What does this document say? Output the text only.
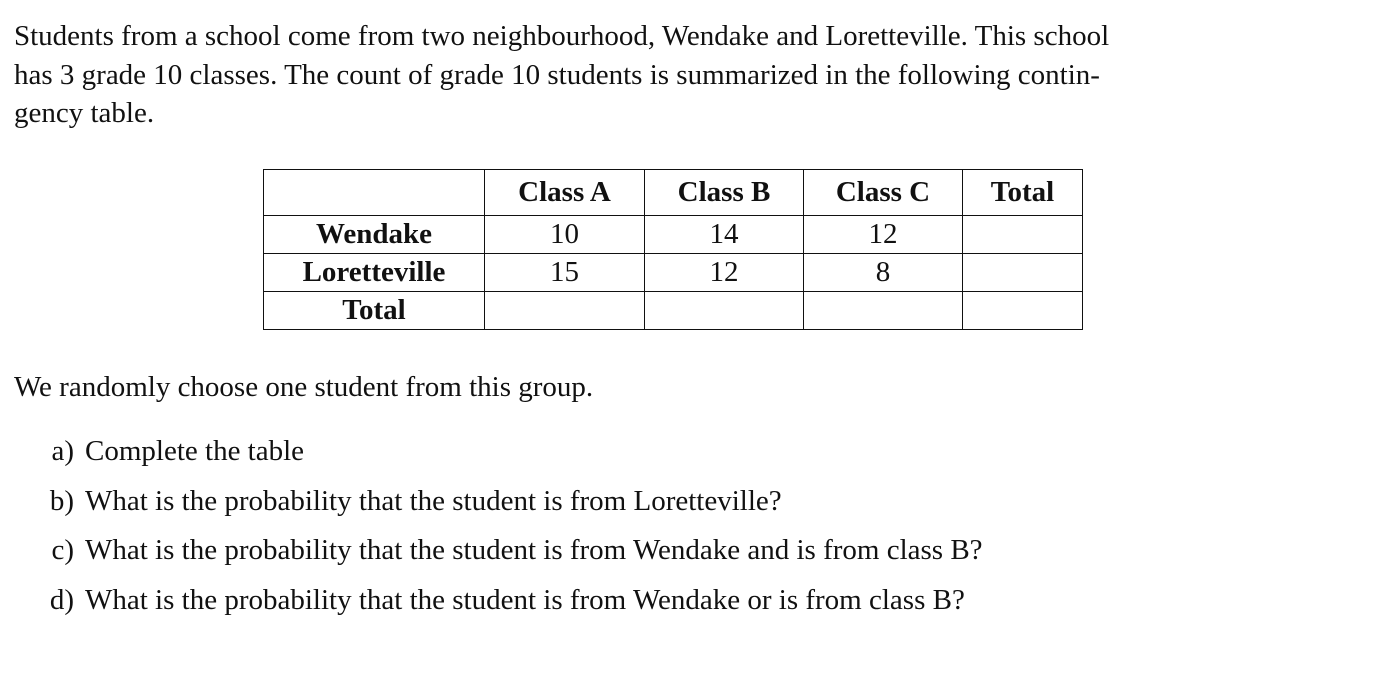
Students from a school come from two neighbourhood, Wendake and Loretteville. This school
has 3 grade 10 classes. The count of grade 10 students is summarized in the following contin-
gency table.

	Class A	Class B	Class C	Total
Wendake	10	14	12	
Loretteville	15	12	8	
Total				

We randomly choose one student from this group.

a) Complete the table
b) What is the probability that the student is from Loretteville?
c) What is the probability that the student is from Wendake and is from class B?
d) What is the probability that the student is from Wendake or is from class B?
